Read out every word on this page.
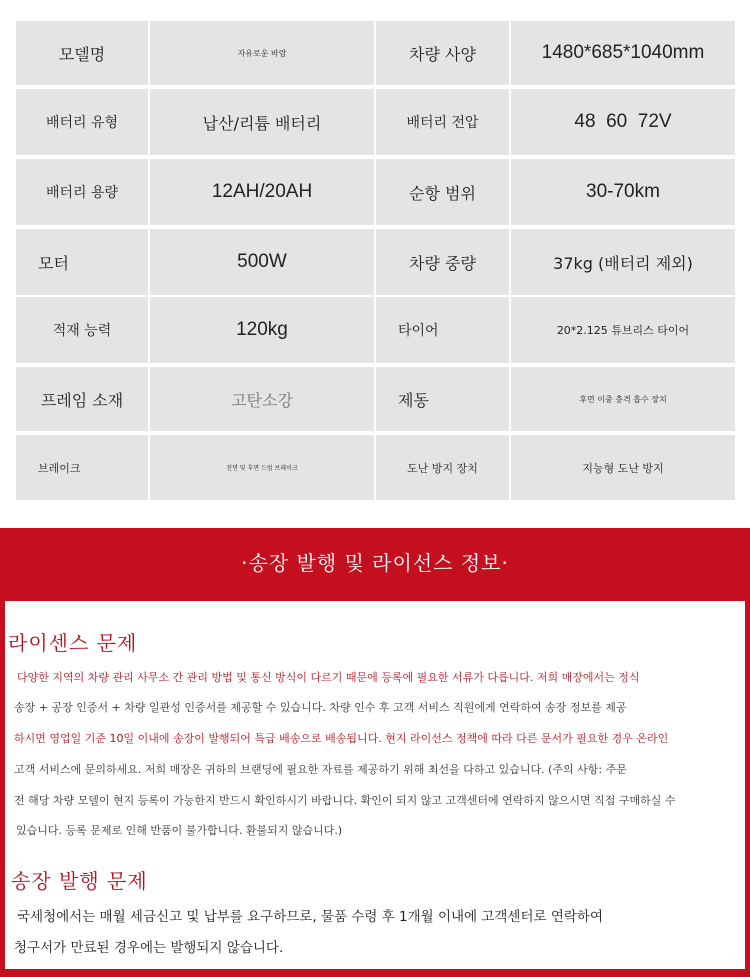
모델명	자유로운 바람	차량 사양	1480*685*1040mm
배터리 유형	납산/리튬 배터리	배터리 전압	48  60  72V
배터리 용량	12AH/20AH	순항 범위	30-70km
모터	500W	차량 중량	37kg (배터리 제외)
적재 능력	120kg	타이어	20*2.125 튜브리스 타이어
프레임 소재	고탄소강	제동	후면 이중 충격 흡수 장치
브레이크	전면 및 후면 드럼 브레이크	도난 방지 장치	지능형 도난 방지
·송장 발행 및 라이선스 정보·
라이센스 문제
다양한 지역의 차량 관리 사무소 간 관리 방법 및 통신 방식이 다르기 때문에 등록에 필요한 서류가 다릅니다. 저희 매장에서는 정식
송장 + 공장 인증서 + 차량 일관성 인증서를 제공할 수 있습니다. 차량 인수 후 고객 서비스 직원에게 연락하여 송장 정보를 제공
하시면 영업일 기준 10일 이내에 송장이 발행되어 특급 배송으로 배송됩니다. 현지 라이선스 정책에 따라 다른 문서가 필요한 경우 온라인
고객 서비스에 문의하세요. 저희 매장은 귀하의 브랜딩에 필요한 자료를 제공하기 위해 최선을 다하고 있습니다. (주의 사항: 주문
전 해당 차량 모델이 현지 등록이 가능한지 반드시 확인하시기 바랍니다. 확인이 되지 않고 고객센터에 연락하지 않으시면 직접 구매하실 수
있습니다. 등록 문제로 인해 반품이 불가합니다. 환불되지 않습니다.)
송장 발행 문제
국세청에서는 매월 세금신고 및 납부를 요구하므로, 물품 수령 후 1개월 이내에 고객센터로 연락하여
청구서가 만료된 경우에는 발행되지 않습니다.	shop4110309174666.1688.com
